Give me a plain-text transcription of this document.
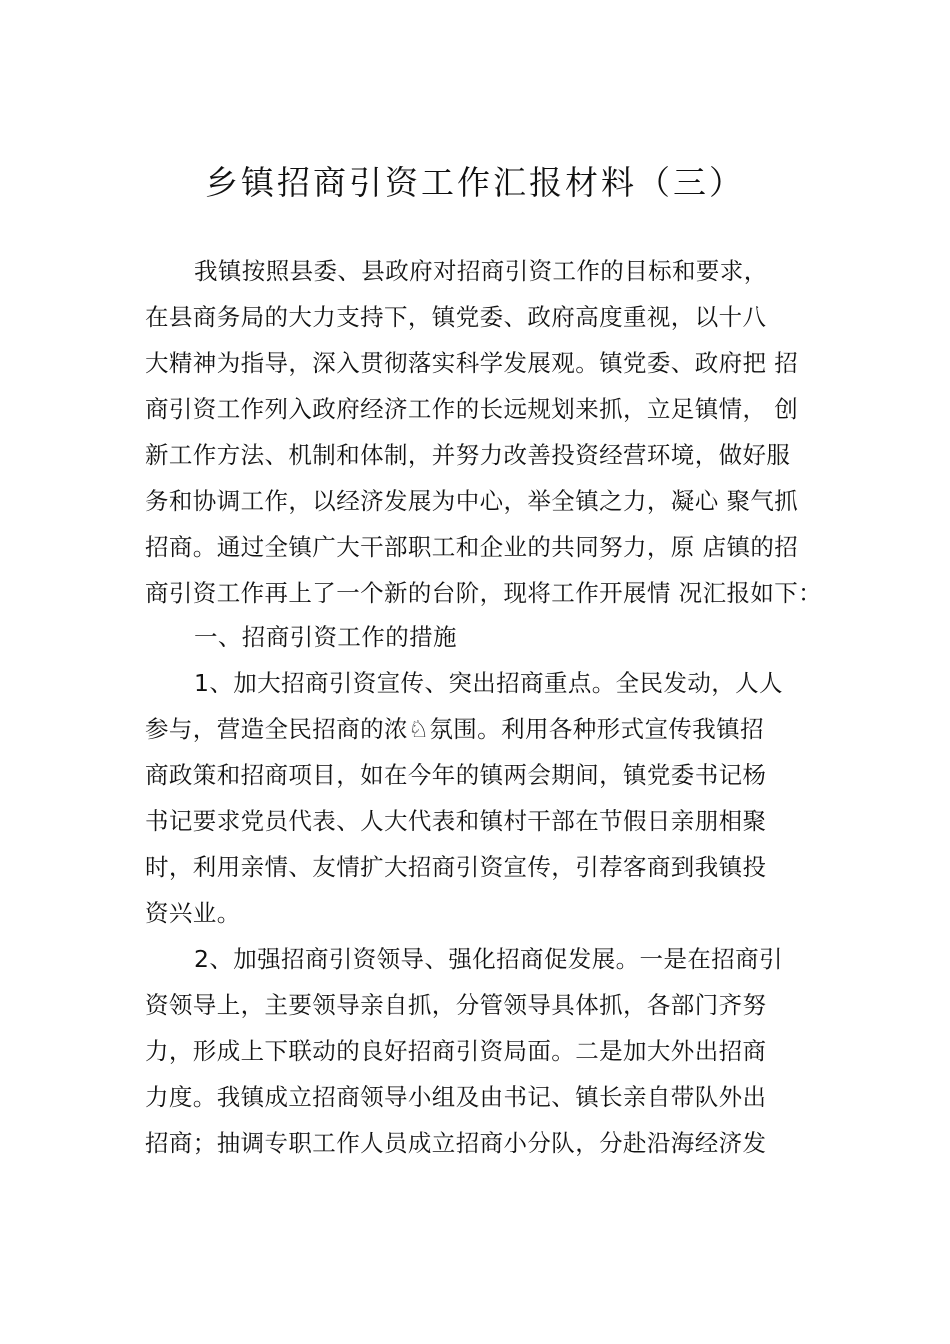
乡镇招商引资工作汇报材料（三）
我镇按照县委、县政府对招商引资工作的目标和要求，
在县商务局的大力支持下，镇党委、政府高度重视，以十八
大精神为指导，深入贯彻落实科学发展观。镇党委、政府把 招
商引资工作列入政府经济工作的长远规划来抓，立足镇情， 创
新工作方法、机制和体制，并努力改善投资经营环境，做好服
务和协调工作，以经济发展为中心，举全镇之力，凝心 聚气抓
招商。通过全镇广大干部职工和企业的共同努力，原 店镇的招
商引资工作再上了一个新的台阶，现将工作开展情 况汇报如下：
一、招商引资工作的措施
1、加大招商引资宣传、突出招商重点。全民发动，人人
参与，营造全民招商的浓♘氛围。利用各种形式宣传我镇招
商政策和招商项目，如在今年的镇两会期间，镇党委书记杨
书记要求党员代表、人大代表和镇村干部在节假日亲朋相聚
时，利用亲情、友情扩大招商引资宣传，引荐客商到我镇投
资兴业。
2、加强招商引资领导、强化招商促发展。一是在招商引
资领导上，主要领导亲自抓，分管领导具体抓，各部门齐努
力，形成上下联动的良好招商引资局面。二是加大外出招商
力度。我镇成立招商领导小组及由书记、镇长亲自带队外出
招商；抽调专职工作人员成立招商小分队，分赴沿海经济发
